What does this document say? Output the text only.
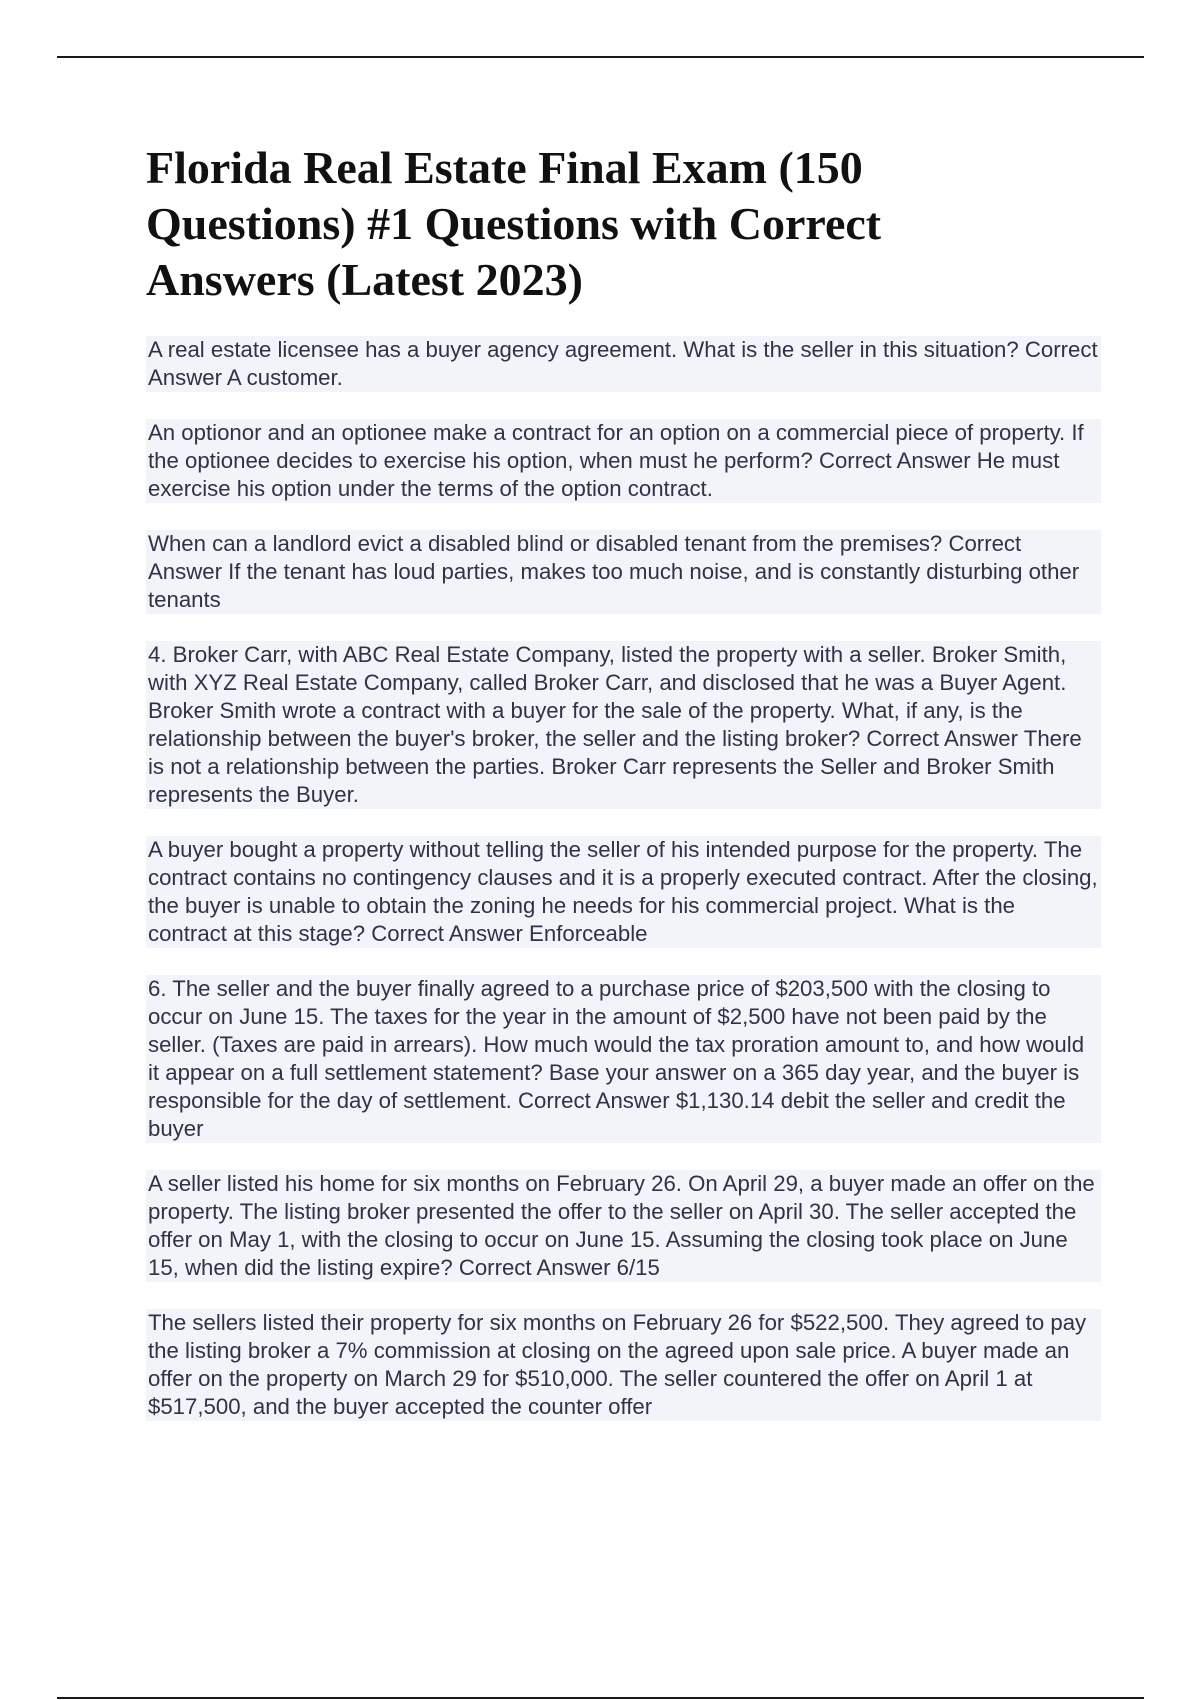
Florida Real Estate Final Exam (150 Questions) #1 Questions with Correct Answers (Latest 2023)

A real estate licensee has a buyer agency agreement. What is the seller in this situation? Correct Answer A customer.

An optionor and an optionee make a contract for an option on a commercial piece of property. If the optionee decides to exercise his option, when must he perform? Correct Answer He must exercise his option under the terms of the option contract.

When can a landlord evict a disabled blind or disabled tenant from the premises? Correct Answer If the tenant has loud parties, makes too much noise, and is constantly disturbing other tenants

4. Broker Carr, with ABC Real Estate Company, listed the property with a seller. Broker Smith, with XYZ Real Estate Company, called Broker Carr, and disclosed that he was a Buyer Agent. Broker Smith wrote a contract with a buyer for the sale of the property. What, if any, is the relationship between the buyer's broker, the seller and the listing broker? Correct Answer There is not a relationship between the parties. Broker Carr represents the Seller and Broker Smith represents the Buyer.

A buyer bought a property without telling the seller of his intended purpose for the property. The contract contains no contingency clauses and it is a properly executed contract. After the closing, the buyer is unable to obtain the zoning he needs for his commercial project. What is the contract at this stage? Correct Answer Enforceable

6. The seller and the buyer finally agreed to a purchase price of $203,500 with the closing to occur on June 15. The taxes for the year in the amount of $2,500 have not been paid by the seller. (Taxes are paid in arrears). How much would the tax proration amount to, and how would it appear on a full settlement statement? Base your answer on a 365 day year, and the buyer is responsible for the day of settlement. Correct Answer $1,130.14 debit the seller and credit the buyer

A seller listed his home for six months on February 26. On April 29, a buyer made an offer on the property. The listing broker presented the offer to the seller on April 30. The seller accepted the offer on May 1, with the closing to occur on June 15. Assuming the closing took place on June 15, when did the listing expire? Correct Answer 6/15

The sellers listed their property for six months on February 26 for $522,500. They agreed to pay the listing broker a 7% commission at closing on the agreed upon sale price. A buyer made an offer on the property on March 29 for $510,000. The seller countered the offer on April 1 at $517,500, and the buyer accepted the counter offer
